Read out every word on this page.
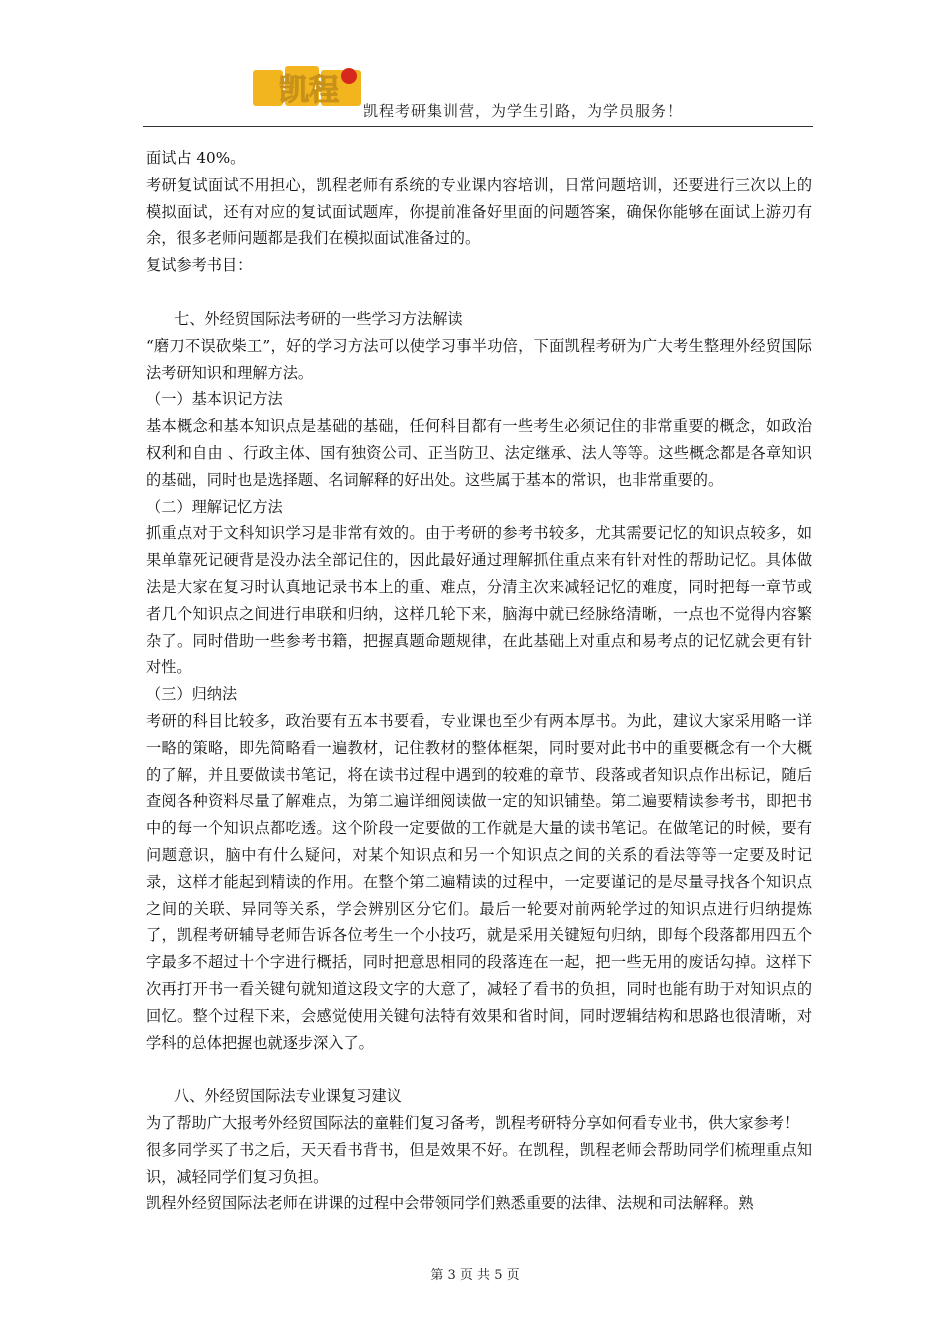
凯程
凯程考研集训营，为学生引路，为学员服务！

面试占 40%。

考研复试面试不用担心，凯程老师有系统的专业课内容培训，日常问题培训，还要进行三次以上的模拟面试，还有对应的复试面试题库，你提前准备好里面的问题答案，确保你能够在面试上游刃有余，很多老师问题都是我们在模拟面试准备过的。

复试参考书目：

七、外经贸国际法考研的一些学习方法解读

“磨刀不误砍柴工”，好的学习方法可以使学习事半功倍，下面凯程考研为广大考生整理外经贸国际法考研知识和理解方法。

（一）基本识记方法

基本概念和基本知识点是基础的基础，任何科目都有一些考生必须记住的非常重要的概念，如政治权利和自由 、行政主体、国有独资公司、正当防卫、法定继承、法人等等。这些概念都是各章知识的基础，同时也是选择题、名词解释的好出处。这些属于基本的常识，也非常重要的。

（二）理解记忆方法

抓重点对于文科知识学习是非常有效的。由于考研的参考书较多，尤其需要记忆的知识点较多，如果单靠死记硬背是没办法全部记住的，因此最好通过理解抓住重点来有针对性的帮助记忆。具体做法是大家在复习时认真地记录书本上的重、难点，分清主次来减轻记忆的难度，同时把每一章节或者几个知识点之间进行串联和归纳，这样几轮下来，脑海中就已经脉络清晰，一点也不觉得内容繁杂了。同时借助一些参考书籍，把握真题命题规律，在此基础上对重点和易考点的记忆就会更有针对性。

（三）归纳法

考研的科目比较多，政治要有五本书要看，专业课也至少有两本厚书。为此，建议大家采用略一详一略的策略，即先简略看一遍教材，记住教材的整体框架，同时要对此书中的重要概念有一个大概的了解，并且要做读书笔记，将在读书过程中遇到的较难的章节、段落或者知识点作出标记，随后查阅各种资料尽量了解难点，为第二遍详细阅读做一定的知识铺垫。第二遍要精读参考书，即把书中的每一个知识点都吃透。这个阶段一定要做的工作就是大量的读书笔记。在做笔记的时候，要有问题意识，脑中有什么疑问，对某个知识点和另一个知识点之间的关系的看法等等一定要及时记录，这样才能起到精读的作用。在整个第二遍精读的过程中，一定要谨记的是尽量寻找各个知识点之间的关联、异同等关系，学会辨别区分它们。最后一轮要对前两轮学过的知识点进行归纳提炼了，凯程考研辅导老师告诉各位考生一个小技巧，就是采用关键短句归纳，即每个段落都用四五个字最多不超过十个字进行概括，同时把意思相同的段落连在一起，把一些无用的废话勾掉。这样下次再打开书一看关键句就知道这段文字的大意了，减轻了看书的负担，同时也能有助于对知识点的回忆。整个过程下来，会感觉使用关键句法特有效果和省时间，同时逻辑结构和思路也很清晰，对学科的总体把握也就逐步深入了。

八、外经贸国际法专业课复习建议

为了帮助广大报考外经贸国际法的童鞋们复习备考，凯程考研特分享如何看专业书，供大家参考！

很多同学买了书之后，天天看书背书，但是效果不好。在凯程，凯程老师会帮助同学们梳理重点知识，减轻同学们复习负担。

凯程外经贸国际法老师在讲课的过程中会带领同学们熟悉重要的法律、法规和司法解释。熟

第 3 页 共 5 页
